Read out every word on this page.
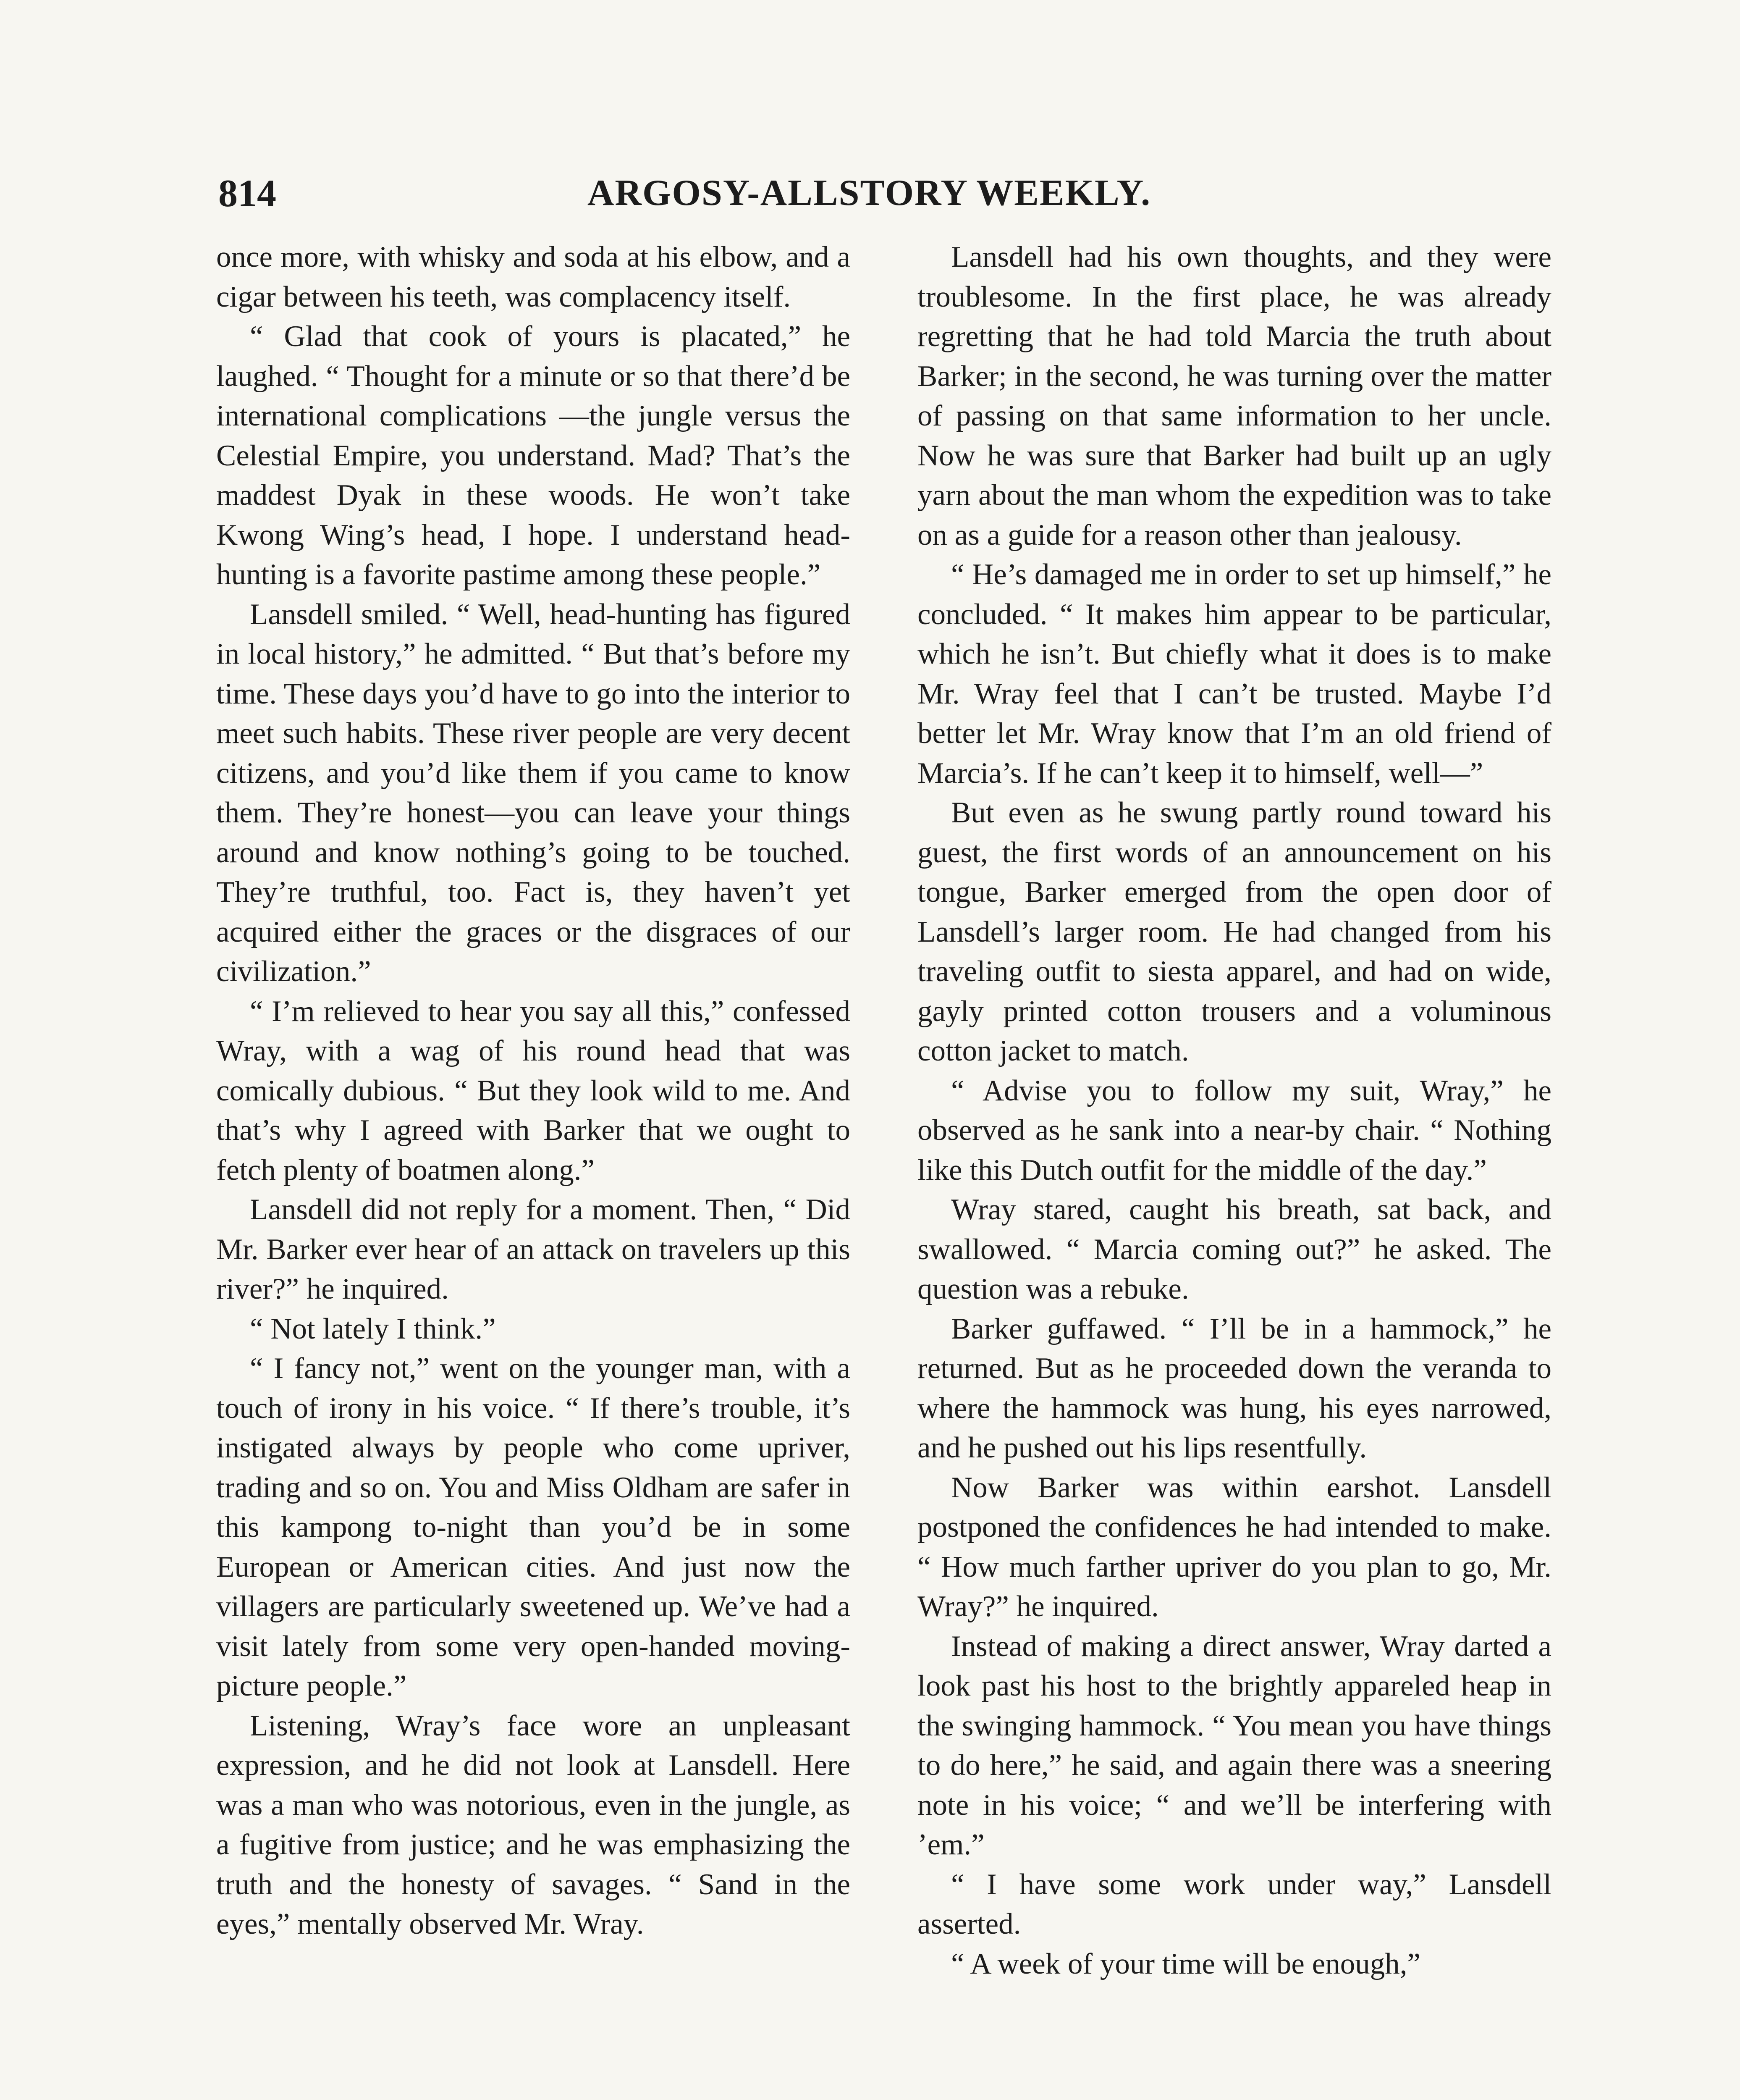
814	ARGOSY-ALLSTORY WEEKLY.

once more, with whisky and soda at his elbow, and a cigar between his teeth, was complacency itself.

“ Glad that cook of yours is placated,” he laughed. “ Thought for a minute or so that there’d be international complications —the jungle versus the Celestial Empire, you understand. Mad? That’s the maddest Dyak in these woods. He won’t take Kwong Wing’s head, I hope. I understand head-hunting is a favorite pastime among these people.”

Lansdell smiled. “ Well, head-hunting has figured in local history,” he admitted. “ But that’s before my time. These days you’d have to go into the interior to meet such habits. These river people are very decent citizens, and you’d like them if you came to know them. They’re honest—you can leave your things around and know nothing’s going to be touched. They’re truthful, too. Fact is, they haven’t yet acquired either the graces or the disgraces of our civilization.”

“ I’m relieved to hear you say all this,” confessed Wray, with a wag of his round head that was comically dubious. “ But they look wild to me. And that’s why I agreed with Barker that we ought to fetch plenty of boatmen along.”

Lansdell did not reply for a moment. Then, “ Did Mr. Barker ever hear of an attack on travelers up this river?” he inquired.

“ Not lately I think.”

“ I fancy not,” went on the younger man, with a touch of irony in his voice. “ If there’s trouble, it’s instigated always by people who come upriver, trading and so on. You and Miss Oldham are safer in this kampong to-night than you’d be in some European or American cities. And just now the villagers are particularly sweetened up. We’ve had a visit lately from some very open-handed moving-picture people.”

Listening, Wray’s face wore an unpleasant expression, and he did not look at Lansdell. Here was a man who was notorious, even in the jungle, as a fugitive from justice; and he was emphasizing the truth and the honesty of savages. “ Sand in the eyes,” mentally observed Mr. Wray.

Lansdell had his own thoughts, and they were troublesome. In the first place, he was already regretting that he had told Marcia the truth about Barker; in the second, he was turning over the matter of passing on that same information to her uncle. Now he was sure that Barker had built up an ugly yarn about the man whom the expedition was to take on as a guide for a reason other than jealousy.

“ He’s damaged me in order to set up himself,” he concluded. “ It makes him appear to be particular, which he isn’t. But chiefly what it does is to make Mr. Wray feel that I can’t be trusted. Maybe I’d better let Mr. Wray know that I’m an old friend of Marcia’s. If he can’t keep it to himself, well—”

But even as he swung partly round toward his guest, the first words of an announcement on his tongue, Barker emerged from the open door of Lansdell’s larger room. He had changed from his traveling outfit to siesta apparel, and had on wide, gayly printed cotton trousers and a voluminous cotton jacket to match.

“ Advise you to follow my suit, Wray,” he observed as he sank into a near-by chair. “ Nothing like this Dutch outfit for the middle of the day.”

Wray stared, caught his breath, sat back, and swallowed. “ Marcia coming out?” he asked. The question was a rebuke.

Barker guffawed. “ I’ll be in a hammock,” he returned. But as he proceeded down the veranda to where the hammock was hung, his eyes narrowed, and he pushed out his lips resentfully.

Now Barker was within earshot. Lansdell postponed the confidences he had intended to make. “ How much farther upriver do you plan to go, Mr. Wray?” he inquired.

Instead of making a direct answer, Wray darted a look past his host to the brightly appareled heap in the swinging hammock. “ You mean you have things to do here,” he said, and again there was a sneering note in his voice; “ and we’ll be interfering with ’em.”

“ I have some work under way,” Lansdell asserted.

“ A week of your time will be enough,”
